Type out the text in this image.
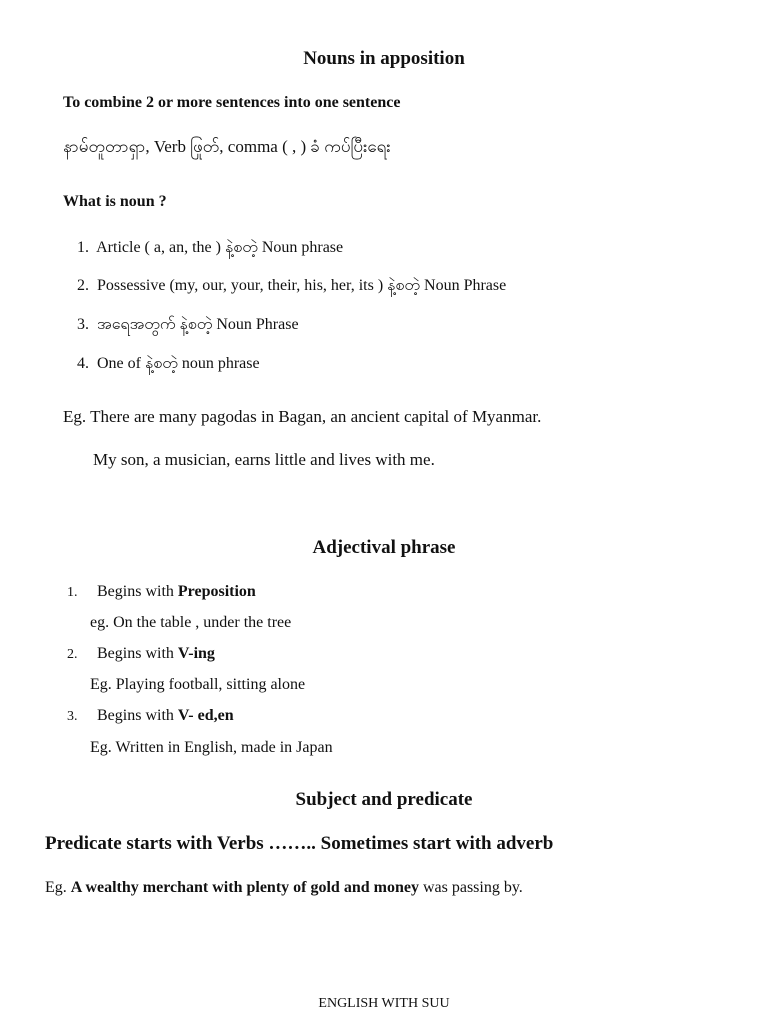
Nouns in apposition
To combine 2 or more sentences into one sentence
နာမ်တူတာရှာ, Verb ဖြုတ်, comma ( , ) ခံ ကပ်ပြီးရေး
What is noun ?
1. Article ( a, an, the ) နဲ့စတဲ့ Noun phrase
2. Possessive (my, our, your, their, his, her, its ) နဲ့စတဲ့ Noun Phrase
3. အရေအတွက် နဲ့စတဲ့ Noun Phrase
4. One of နဲ့စတဲ့ noun phrase
Eg. There are many pagodas in Bagan, an ancient capital of Myanmar.
My son, a musician, earns little and lives with me.
Adjectival phrase
1. Begins with Preposition
eg. On the table , under the tree
2. Begins with V-ing
Eg. Playing football, sitting alone
3. Begins with V- ed,en
Eg. Written in English, made in Japan
Subject and predicate
Predicate starts with Verbs …….. Sometimes start with adverb
Eg. A wealthy merchant with plenty of gold and money was passing by.
ENGLISH WITH SUU
